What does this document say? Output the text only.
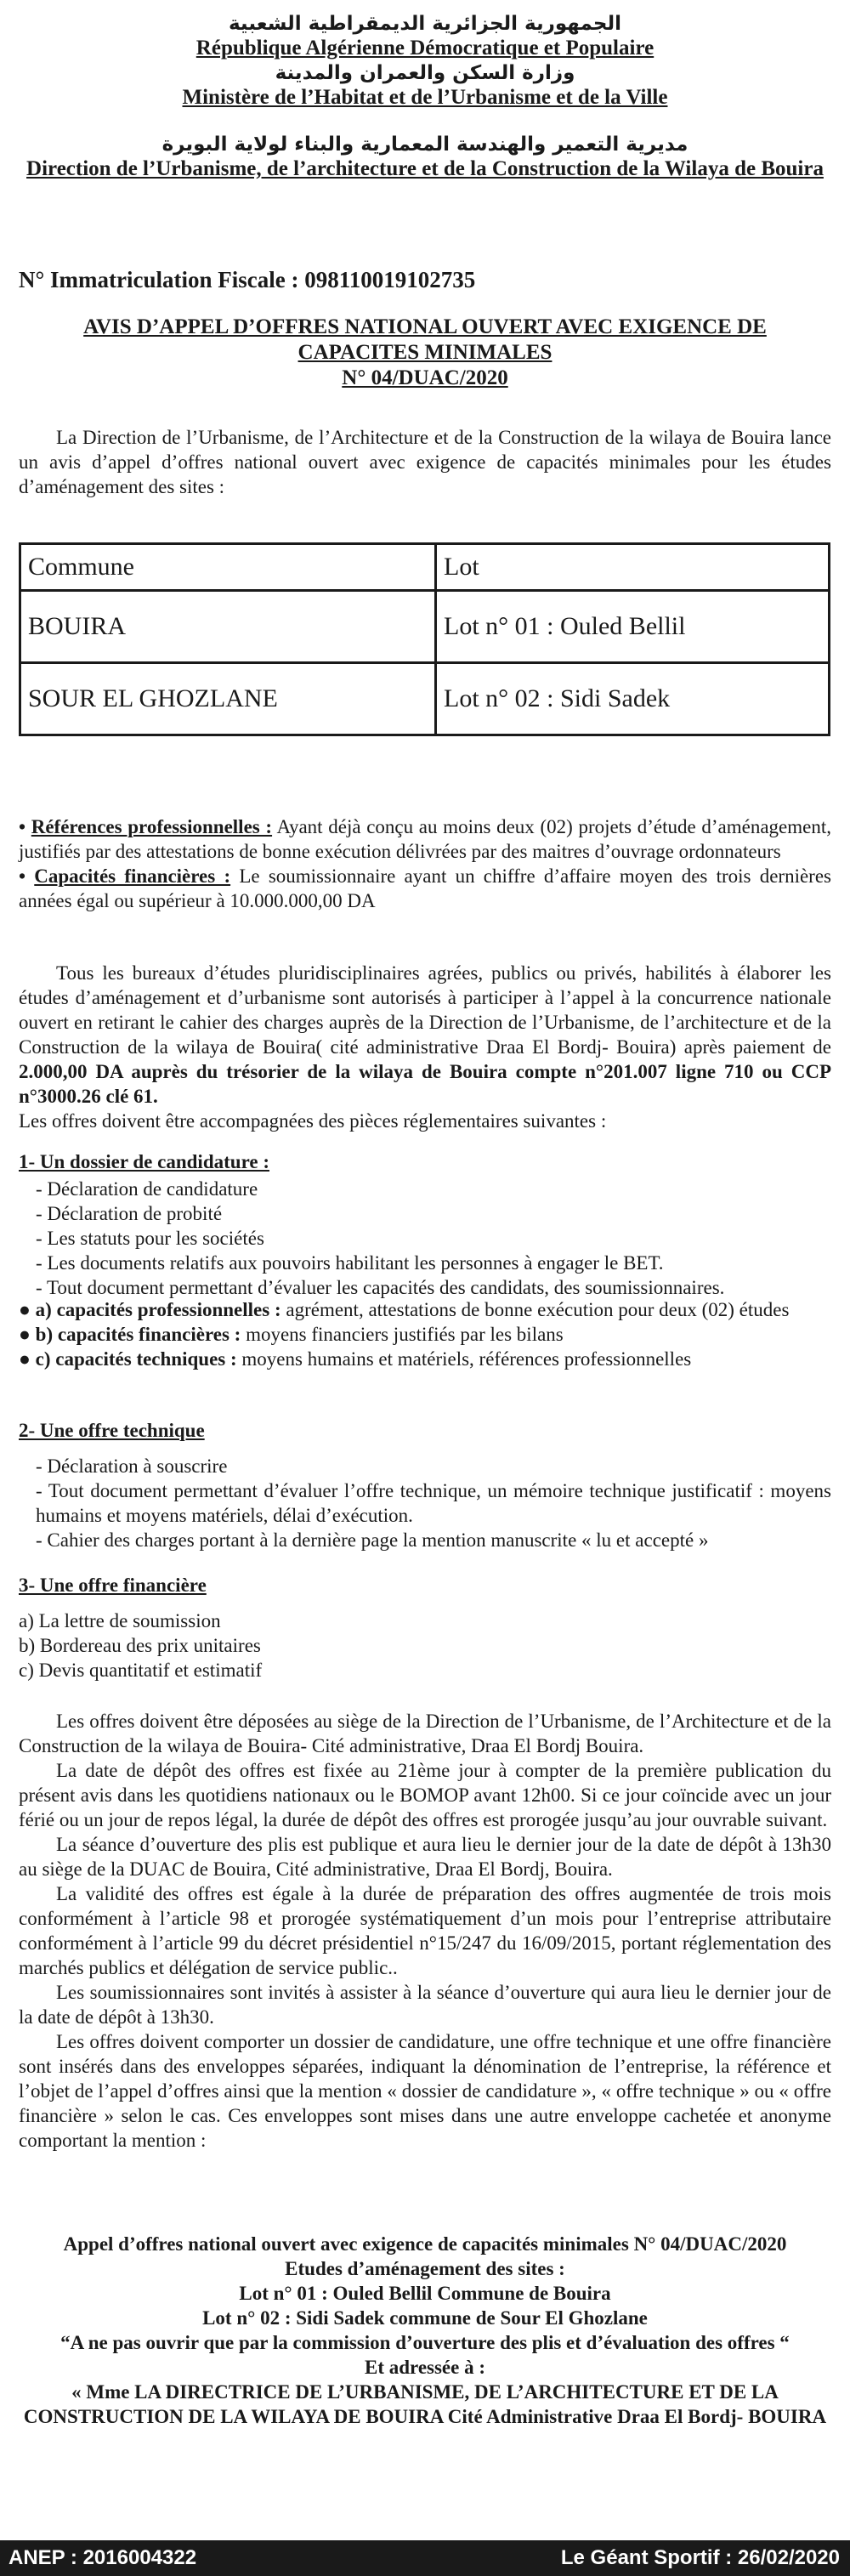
الجمهورية الجزائرية الديمقراطية الشعبية
République Algérienne Démocratique et Populaire
وزارة السكن والعمران والمدينة
Ministère de l’Habitat et de l’Urbanisme et de la Ville
مديرية التعمير والهندسة المعمارية والبناء لولاية البويرة
Direction de l’Urbanisme, de l’architecture et de la Construction de la Wilaya de Bouira
N° Immatriculation Fiscale : 098110019102735
AVIS D’APPEL D’OFFRES NATIONAL OUVERT AVEC EXIGENCE DE
CAPACITES MINIMALES
N° 04/DUAC/2020
La Direction de l’Urbanisme, de l’Architecture et de la Construction de la wilaya de Bouira lance un avis d’appel d’offres national ouvert avec exigence de capacités minimales pour les études d’aménagement des sites :
Commune	Lot
BOUIRA	Lot n° 01 : Ouled Bellil
SOUR EL GHOZLANE	Lot n° 02 : Sidi Sadek
• Références professionnelles : Ayant déjà conçu au moins deux (02) projets d’étude d’aménagement, justifiés par des attestations de bonne exécution délivrées par des maitres d’ouvrage ordonnateurs
• Capacités financières : Le soumissionnaire ayant un chiffre d’affaire moyen des trois dernières années égal ou supérieur à 10.000.000,00 DA
Tous les bureaux d’études pluridisciplinaires agrées, publics ou privés, habilités à élaborer les études d’aménagement et d’urbanisme sont autorisés à participer à l’appel à la concurrence nationale ouvert en retirant le cahier des charges auprès de la Direction de l’Urbanisme, de l’architecture et de la Construction de la wilaya de Bouira( cité administrative Draa El Bordj- Bouira) après paiement de 2.000,00 DA auprès du trésorier de la wilaya de Bouira compte n°201.007 ligne 710 ou CCP n°3000.26 clé 61.
Les offres doivent être accompagnées des pièces réglementaires suivantes :
1- Un dossier de candidature :
- Déclaration de candidature
- Déclaration de probité
- Les statuts pour les sociétés
- Les documents relatifs aux pouvoirs habilitant les personnes à engager le BET.
- Tout document permettant d’évaluer les capacités des candidats, des soumissionnaires.
● a) capacités professionnelles : agrément, attestations de bonne exécution pour deux (02) études
● b) capacités financières : moyens financiers justifiés par les bilans
● c) capacités techniques : moyens humains et matériels, références professionnelles
2- Une offre technique
- Déclaration à souscrire
- Tout document permettant d’évaluer l’offre technique, un mémoire technique justificatif : moyens humains et moyens matériels, délai d’exécution.
- Cahier des charges portant à la dernière page la mention manuscrite « lu et accepté »
3- Une offre financière
a) La lettre de soumission
b) Bordereau des prix unitaires
c) Devis quantitatif et estimatif

Les offres doivent être déposées au siège de la Direction de l’Urbanisme, de l’Architecture et de la Construction de la wilaya de Bouira- Cité administrative, Draa El Bordj Bouira.

La date de dépôt des offres est fixée au 21ème jour à compter de la première publication du présent avis dans les quotidiens nationaux ou le BOMOP avant 12h00. Si ce jour coïncide avec un jour férié ou un jour de repos légal, la durée de dépôt des offres est prorogée jusqu’au jour ouvrable suivant.

La séance d’ouverture des plis est publique et aura lieu le dernier jour de la date de dépôt à 13h30 au siège de la DUAC de Bouira, Cité administrative, Draa El Bordj, Bouira.

La validité des offres est égale à la durée de préparation des offres augmentée de trois mois conformément à l’article 98 et prorogée systématiquement d’un mois pour l’entreprise attributaire conformément à l’article 99 du décret présidentiel n°15/247 du 16/09/2015, portant réglementation des marchés publics et délégation de service public..

Les soumissionnaires sont invités à assister à la séance d’ouverture qui aura lieu le dernier jour de la date de dépôt à 13h30.

Les offres doivent comporter un dossier de candidature, une offre technique et une offre financière sont insérés dans des enveloppes séparées, indiquant la dénomination de l’entreprise, la référence et l’objet de l’appel d’offres ainsi que la mention « dossier de candidature », « offre technique » ou « offre financière » selon le cas. Ces enveloppes sont mises dans une autre enveloppe cachetée et anonyme comportant la mention :

Appel d’offres national ouvert avec exigence de capacités minimales N° 04/DUAC/2020
Etudes d’aménagement des sites :
Lot n° 01 : Ouled Bellil Commune de Bouira
Lot n° 02 : Sidi Sadek commune de Sour El Ghozlane
“A ne pas ouvrir que par la commission d’ouverture des plis et d’évaluation des offres “
Et adressée à :
« Mme LA DIRECTRICE DE L’URBANISME, DE L’ARCHITECTURE ET DE LA CONSTRUCTION DE LA WILAYA DE BOUIRA Cité Administrative Draa El Bordj- BOUIRA
ANEP : 2016004322	Le Géant Sportif : 26/02/2020
